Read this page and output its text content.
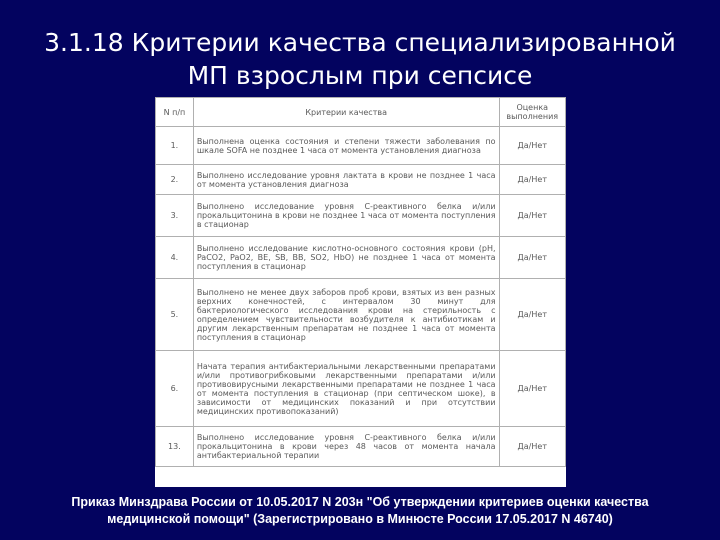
3.1.18 Критерии качества специализированной
МП взрослым при сепсисе
N п/п	Критерии качества	Оценка выполнения
1.	Выполнена оценка состояния и степени тяжести заболевания по шкале SOFA не позднее 1 часа от момента установления диагноза	Да/Нет
2.	Выполнено исследование уровня лактата в крови не позднее 1 часа от момента установления диагноза	Да/Нет
3.	Выполнено исследование уровня С-реактивного белка и/или прокальцитонина в крови не позднее 1 часа от момента поступления в стационар	Да/Нет
4.	Выполнено исследование кислотно-основного состояния крови (pH, PaCO2, PaO2, BE, SB, BB, SO2, HbO) не позднее 1 часа от момента поступления в стационар	Да/Нет
5.	Выполнено не менее двух заборов проб крови, взятых из вен разных верхних конечностей, с интервалом 30 минут для бактериологического исследования крови на стерильность с определением чувствительности возбудителя к антибиотикам и другим лекарственным препаратам не позднее 1 часа от момента поступления в стационар	Да/Нет
6.	Начата терапия антибактериальными лекарственными препаратами и/или противогрибковыми лекарственными препаратами и/или противовирусными лекарственными препаратами не позднее 1 часа от момента поступления в стационар (при септическом шоке), в зависимости от медицинских показаний и при отсутствии медицинских противопоказаний)	Да/Нет
13.	Выполнено исследование уровня С-реактивного белка и/или прокальцитонина в крови через 48 часов от момента начала антибактериальной терапии	Да/Нет
Приказ Минздрава России от 10.05.2017 N 203н "Об утверждении критериев оценки качества
медицинской помощи" (Зарегистрировано в Минюсте России 17.05.2017 N 46740)
